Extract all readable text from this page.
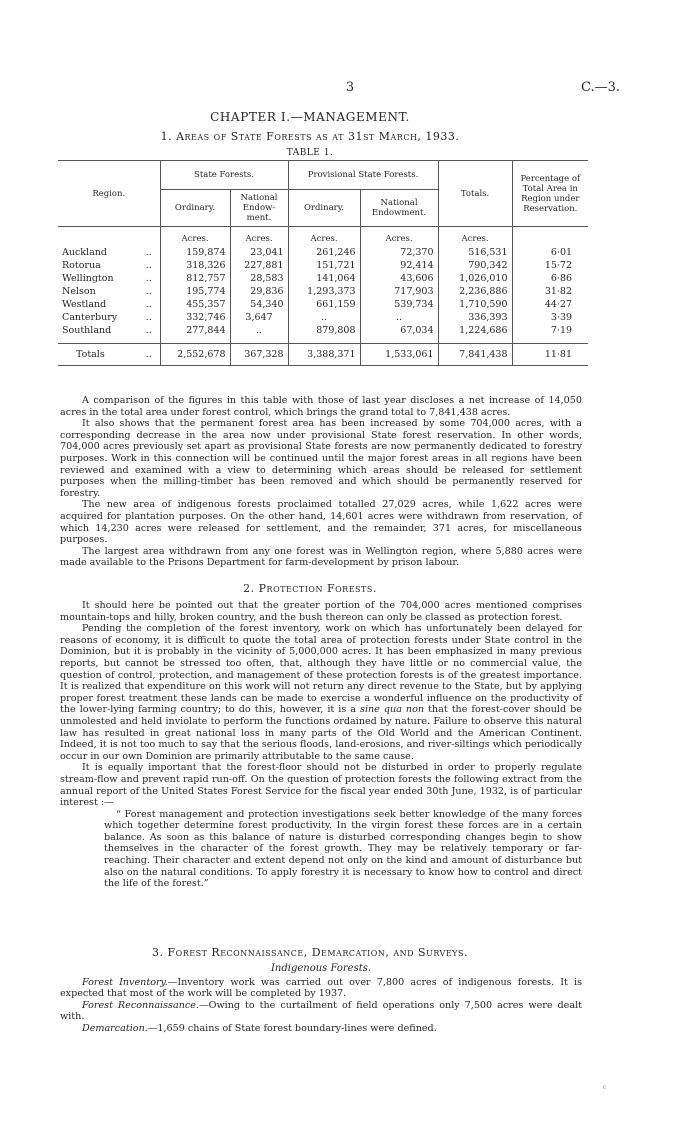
3	C.—3.
CHAPTER I.—MANAGEMENT.
1. Areas of State Forests as at 31st March, 1933.
TABLE 1.
Region.		State Forests.		Provisional State Forests.		Totals.	Percentage of Total Area in Region under Reservation.
		Ordinary.	National Endow-ment.	Ordinary.	National Endowment.		
		Acres.	Acres.	Acres.	Acres.	Acres.	
Auckland	..	159,874	23,041	261,246	72,370	516,531	6·01
Rotorua	..	318,326	227,881	151,721	92,414	790,342	15·72
Wellington	..	812,757	28,583	141,064	43,606	1,026,010	6·86
Nelson	..	195,774	29,836	1,293,373	717,903	2,236,886	31·82
Westland	..	455,357	54,340	661,159	539,734	1,710,590	44·27
Canterbury	..	332,746	3,647	..	..	336,393	3·39
Southland	..	277,844	..	879,808	67,034	1,224,686	7·19
Totals	..	2,552,678	367,328	3,388,371	1,533,061	7,841,438	11·81

A comparison of the figures in this table with those of last year discloses a net increase of 14,050 acres in the total area under forest control, which brings the grand total to 7,841,438 acres.

It also shows that the permanent forest area has been increased by some 704,000 acres, with a corresponding decrease in the area now under provisional State forest reservation. In other words, 704,000 acres previously set apart as provisional State forests are now permanently dedicated to forestry purposes. Work in this connection will be continued until the major forest areas in all regions have been reviewed and examined with a view to determining which areas should be released for settlement purposes when the milling-timber has been removed and which should be permanently reserved for forestry.

The new area of indigenous forests proclaimed totalled 27,029 acres, while 1,622 acres were acquired for plantation purposes. On the other hand, 14,601 acres were withdrawn from reservation, of which 14,230 acres were released for settlement, and the remainder, 371 acres, for miscellaneous purposes.

The largest area withdrawn from any one forest was in Wellington region, where 5,880 acres were made available to the Prisons Department for farm-development by prison labour.

2. Protection Forests.

It should here be pointed out that the greater portion of the 704,000 acres mentioned comprises mountain-tops and hilly, broken country, and the bush thereon can only be classed as protection forest.

Pending the completion of the forest inventory, work on which has unfortunately been delayed for reasons of economy, it is difficult to quote the total area of protection forests under State control in the Dominion, but it is probably in the vicinity of 5,000,000 acres. It has been emphasized in many previous reports, but cannot be stressed too often, that, although they have little or no commercial value, the question of control, protection, and management of these protection forests is of the greatest importance. It is realized that expenditure on this work will not return any direct revenue to the State, but by applying proper forest treatment these lands can be made to exercise a wonderful influence on the productivity of the lower-lying farming country; to do this, however, it is a sine qua non that the forest-cover should be unmolested and held inviolate to perform the functions ordained by nature. Failure to observe this natural law has resulted in great national loss in many parts of the Old World and the American Continent. Indeed, it is not too much to say that the serious floods, land-erosions, and river-siltings which periodically occur in our own Dominion are primarily attributable to the same cause.

It is equally important that the forest-floor should not be disturbed in order to properly regulate stream-flow and prevent rapid run-off. On the question of protection forests the following extract from the annual report of the United States Forest Service for the fiscal year ended 30th June, 1932, is of particular interest :—

“ Forest management and protection investigations seek better knowledge of the many forces which together determine forest productivity. In the virgin forest these forces are in a certain balance. As soon as this balance of nature is disturbed corresponding changes begin to show themselves in the character of the forest growth. They may be relatively temporary or far-reaching. Their character and extent depend not only on the kind and amount of disturbance but also on the natural conditions. To apply forestry it is necessary to know how to control and direct the life of the forest.”

3. Forest Reconnaissance, Demarcation, and Surveys.
Indigenous Forests.

Forest Inventory.—Inventory work was carried out over 7,800 acres of indigenous forests. It is expected that most of the work will be completed by 1937.

Forest Reconnaissance.—Owing to the curtailment of field operations only 7,500 acres were dealt with.

Demarcation.—1,659 chains of State forest boundary-lines were defined.

c
